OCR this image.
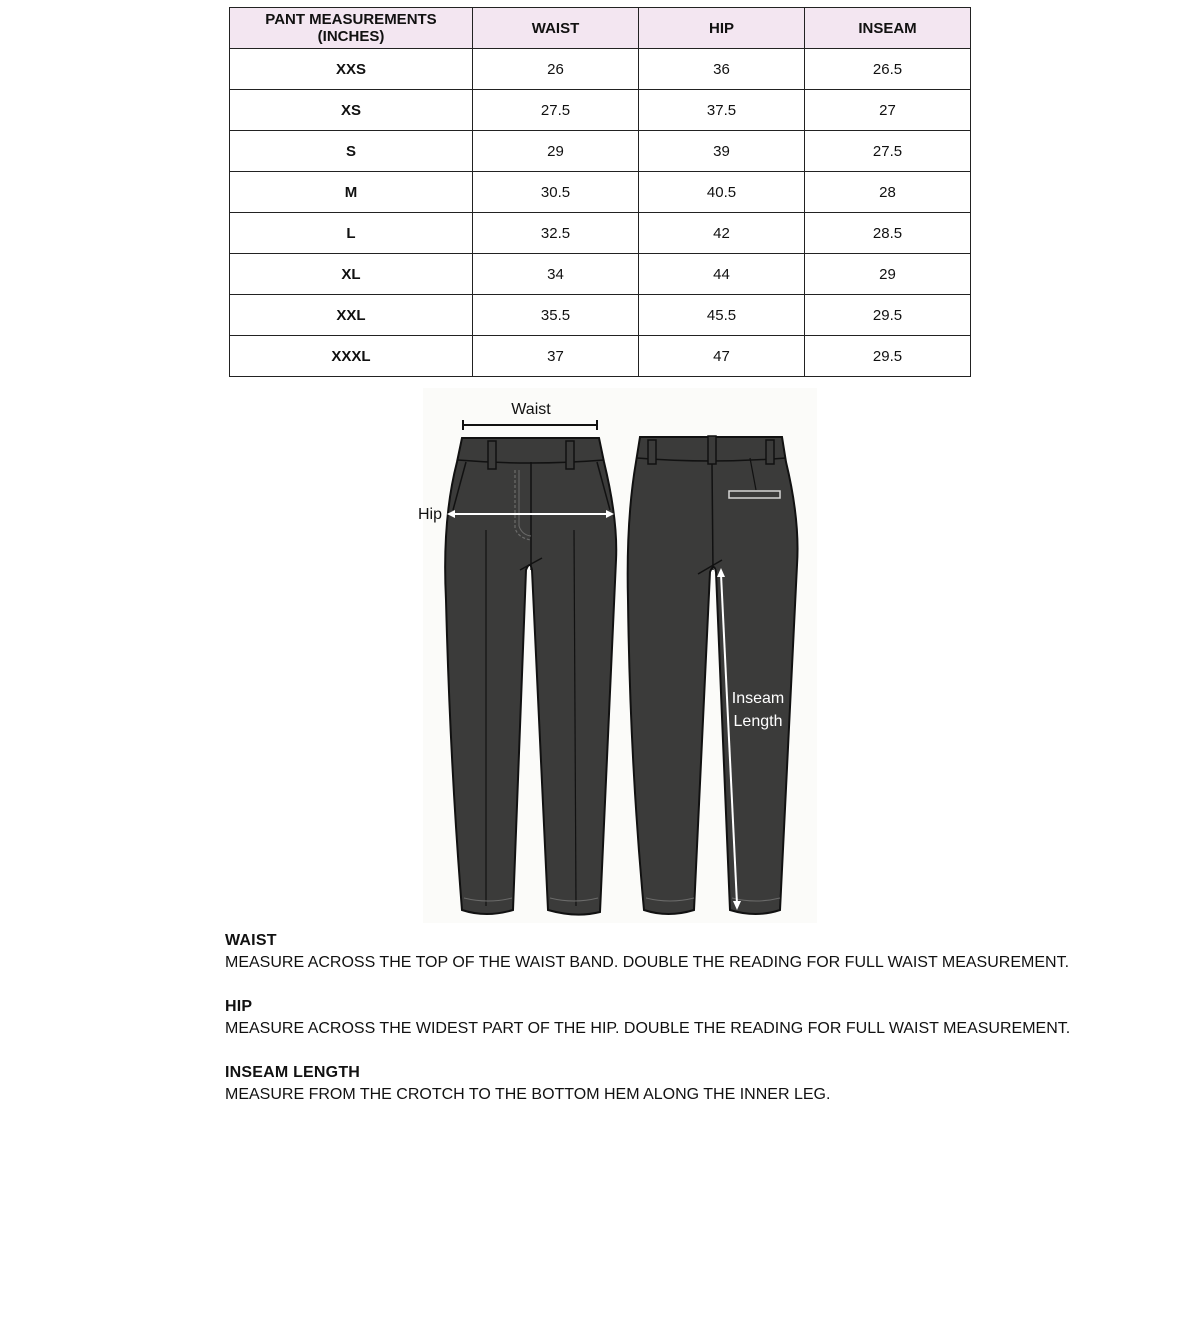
PANT MEASUREMENTS (INCHES)	WAIST	HIP	INSEAM
XXS	26	36	26.5
XS	27.5	37.5	27
S	29	39	27.5
M	30.5	40.5	28
L	32.5	42	28.5
XL	34	44	29
XXL	35.5	45.5	29.5
XXXL	37	47	29.5
Waist
Hip
Inseam
Length
WAIST
MEASURE ACROSS THE TOP OF THE WAIST BAND. DOUBLE THE READING FOR FULL WAIST MEASUREMENT.
HIP
MEASURE ACROSS THE WIDEST PART OF THE HIP. DOUBLE THE READING FOR FULL WAIST MEASUREMENT.
INSEAM LENGTH
MEASURE FROM THE CROTCH TO THE BOTTOM HEM ALONG THE INNER LEG.
